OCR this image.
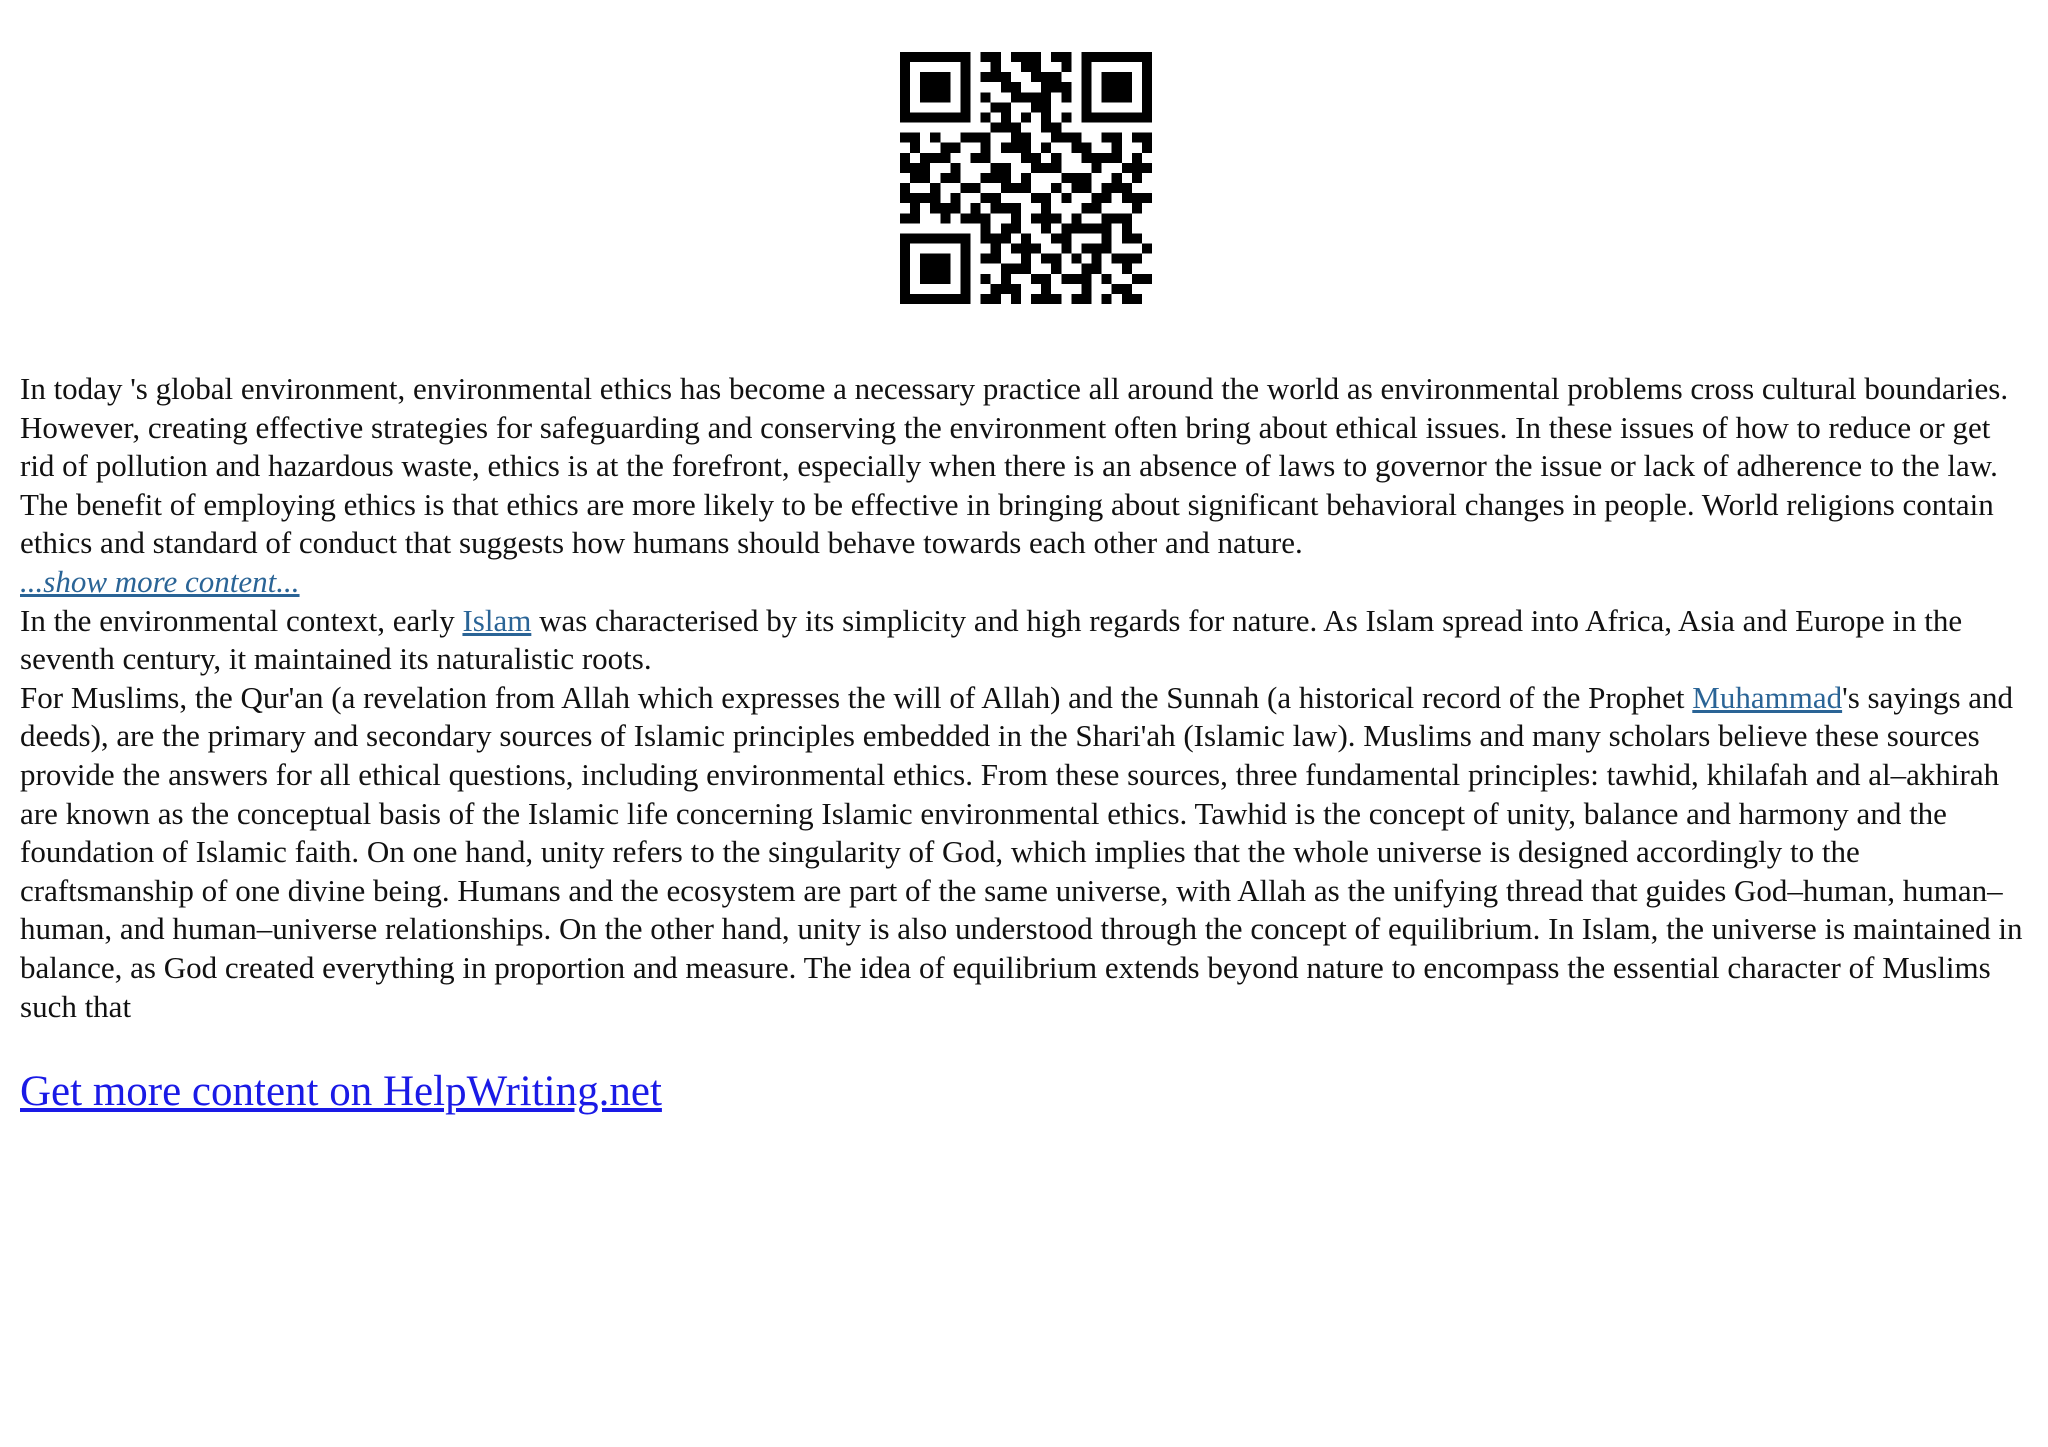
In today 's global environment, environmental ethics has become a necessary practice all around the world as environmental problems cross cultural boundaries. However, creating effective strategies for safeguarding and conserving the environment often bring about ethical issues. In these issues of how to reduce or get rid of pollution and hazardous waste, ethics is at the forefront, especially when there is an absence of laws to governor the issue or lack of adherence to the law. The benefit of employing ethics is that ethics are more likely to be effective in bringing about significant behavioral changes in people. World religions contain ethics and standard of conduct that suggests how humans should behave towards each other and nature.

...show more content...

In the environmental context, early Islam was characterised by its simplicity and high regards for nature. As Islam spread into Africa, Asia and Europe in the seventh century, it maintained its naturalistic roots.

For Muslims, the Qur'an (a revelation from Allah which expresses the will of Allah) and the Sunnah (a historical record of the Prophet Muhammad's sayings and deeds), are the primary and secondary sources of Islamic principles embedded in the Shari'ah (Islamic law). Muslims and many scholars believe these sources provide the answers for all ethical questions, including environmental ethics. From these sources, three fundamental principles: tawhid, khilafah and al–akhirah are known as the conceptual basis of the Islamic life concerning Islamic environmental ethics. Tawhid is the concept of unity, balance and harmony and the foundation of Islamic faith. On one hand, unity refers to the singularity of God, which implies that the whole universe is designed accordingly to the craftsmanship of one divine being. Humans and the ecosystem are part of the same universe, with Allah as the unifying thread that guides God–human, human–human, and human–universe relationships. On the other hand, unity is also understood through the concept of equilibrium. In Islam, the universe is maintained in balance, as God created everything in proportion and measure. The idea of equilibrium extends beyond nature to encompass the essential character of Muslims such that

Get more content on HelpWriting.net
